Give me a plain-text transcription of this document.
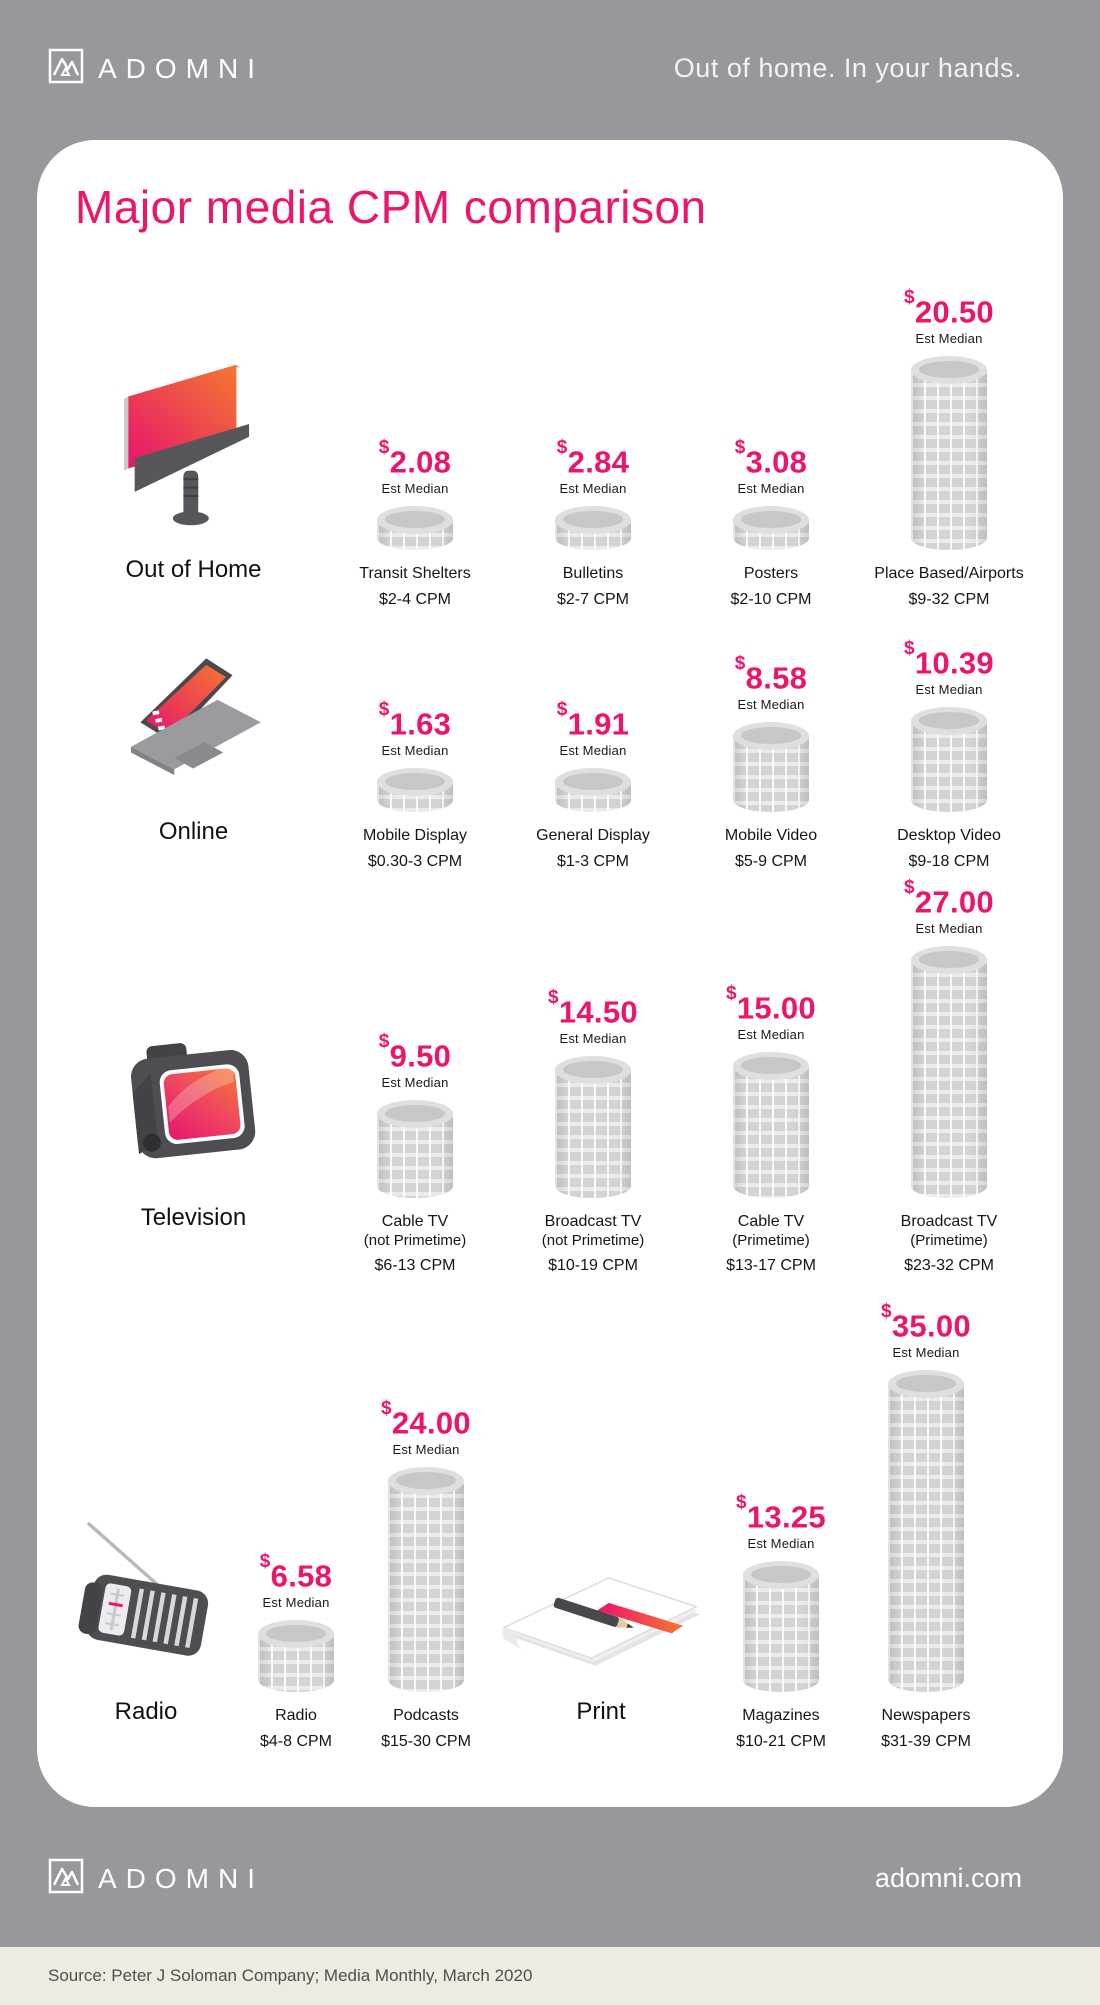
ADOMNI	Out of home. In your hands.
Major media CPM comparison
Out of Home
$2.08
Est Median
Transit Shelters
$2-4 CPM
$2.84
Est Median
Bulletins
$2-7 CPM
$3.08
Est Median
Posters
$2-10 CPM
$20.50
Est Median
Place Based/Airports
$9-32 CPM
Online
$1.63
Est Median
Mobile Display
$0.30-3 CPM
$1.91
Est Median
General Display
$1-3 CPM
$8.58
Est Median
Mobile Video
$5-9 CPM
$10.39
Est Median
Desktop Video
$9-18 CPM
Television
$9.50
Est Median
Cable TV
(not Primetime)
$6-13 CPM
$14.50
Est Median
Broadcast TV
(not Primetime)
$10-19 CPM
$15.00
Est Median
Cable TV
(Primetime)
$13-17 CPM
$27.00
Est Median
Broadcast TV
(Primetime)
$23-32 CPM
Radio
$6.58
Est Median
Radio
$4-8 CPM
$24.00
Est Median
Podcasts
$15-30 CPM
Print
$13.25
Est Median
Magazines
$10-21 CPM
$35.00
Est Median
Newspapers
$31-39 CPM
ADOMNI	adomni.com
Source: Peter J Soloman Company; Media Monthly, March 2020
